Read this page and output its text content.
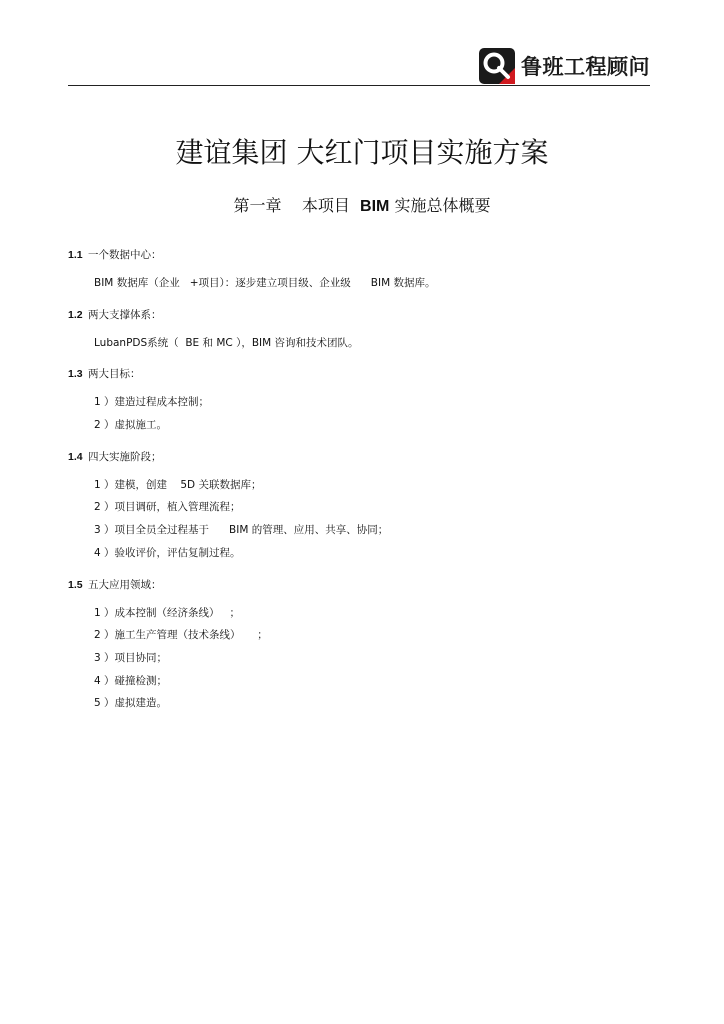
鲁班工程顾问
建谊集团 大红门项目实施方案
第一章    本项目  BIM 实施总体概要
1.1 一个数据中心：
BIM 数据库（企业   +项目）：逐步建立项目级、企业级      BIM 数据库。
1.2 两大支撑体系：
LubanPDS系统（  BE 和 MC ），BIM 咨询和技术团队。
1.3 两大目标：
1 ）建造过程成本控制；
2 ）虚拟施工。
1.4 四大实施阶段；
1 ）建模，创建    5D 关联数据库；
2 ）项目调研，植入管理流程；
3 ）项目全员全过程基于      BIM 的管理、应用、共享、协同；
4 ）验收评价，评估复制过程。
1.5 五大应用领域：
1 ）成本控制（经济条线）   ；
2 ）施工生产管理（技术条线）     ；
3 ）项目协同；
4 ）碰撞检测；
5 ）虚拟建造。
